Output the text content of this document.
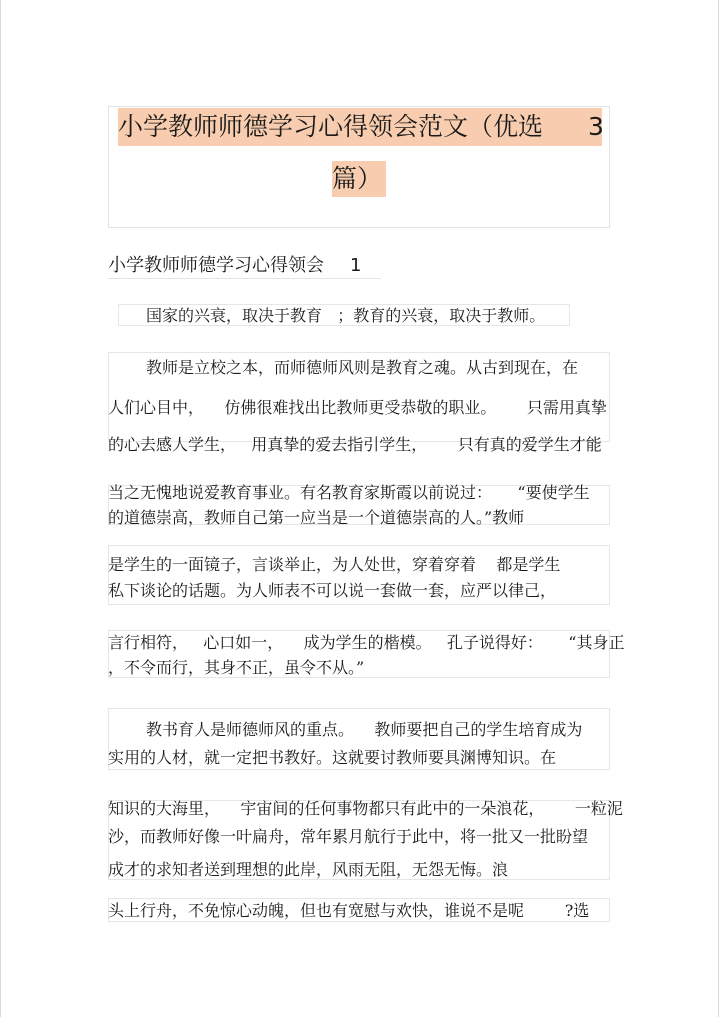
小学教师师德学习心得领会范文（优选 3
篇）
小学教师师德学习心得领会 1
国家的兴衰，取决于教育   ；教育的兴衰，取决于教师。
教师是立校之本，而师德师风则是教育之魂。从古到现在，在
人们心目中，    仿佛很难找出比教师更受恭敬的职业。      只需用真挚
的心去感人学生，   用真挚的爱去指引学生，      只有真的爱学生才能
当之无愧地说爱教育事业。有名教育家斯霞以前说过：     “要使学生
的道德崇高，教师自己第一应当是一个道德崇高的人。”教师
是学生的一面镜子，言谈举止，为人处世，穿着穿着    都是学生
私下谈论的话题。为人师表不可以说一套做一套，应严以律己，
言行相符，   心口如一，    成为学生的楷模。   孔子说得好：     “其身正
，不令而行，其身不正，虽令不从。”
教书育人是师德师风的重点。    教师要把自己的学生培育成为
实用的人材，就一定把书教好。这就要讨教师要具渊博知识。在
知识的大海里，    宇宙间的任何事物都只有此中的一朵浪花，      一粒泥
沙，而教师好像一叶扁舟，常年累月航行于此中，将一批又一批盼望
成才的求知者送到理想的此岸，风雨无阻，无怨无悔。浪
头上行舟，不免惊心动魄，但也有宽慰与欢快，谁说不是呢        ?选
